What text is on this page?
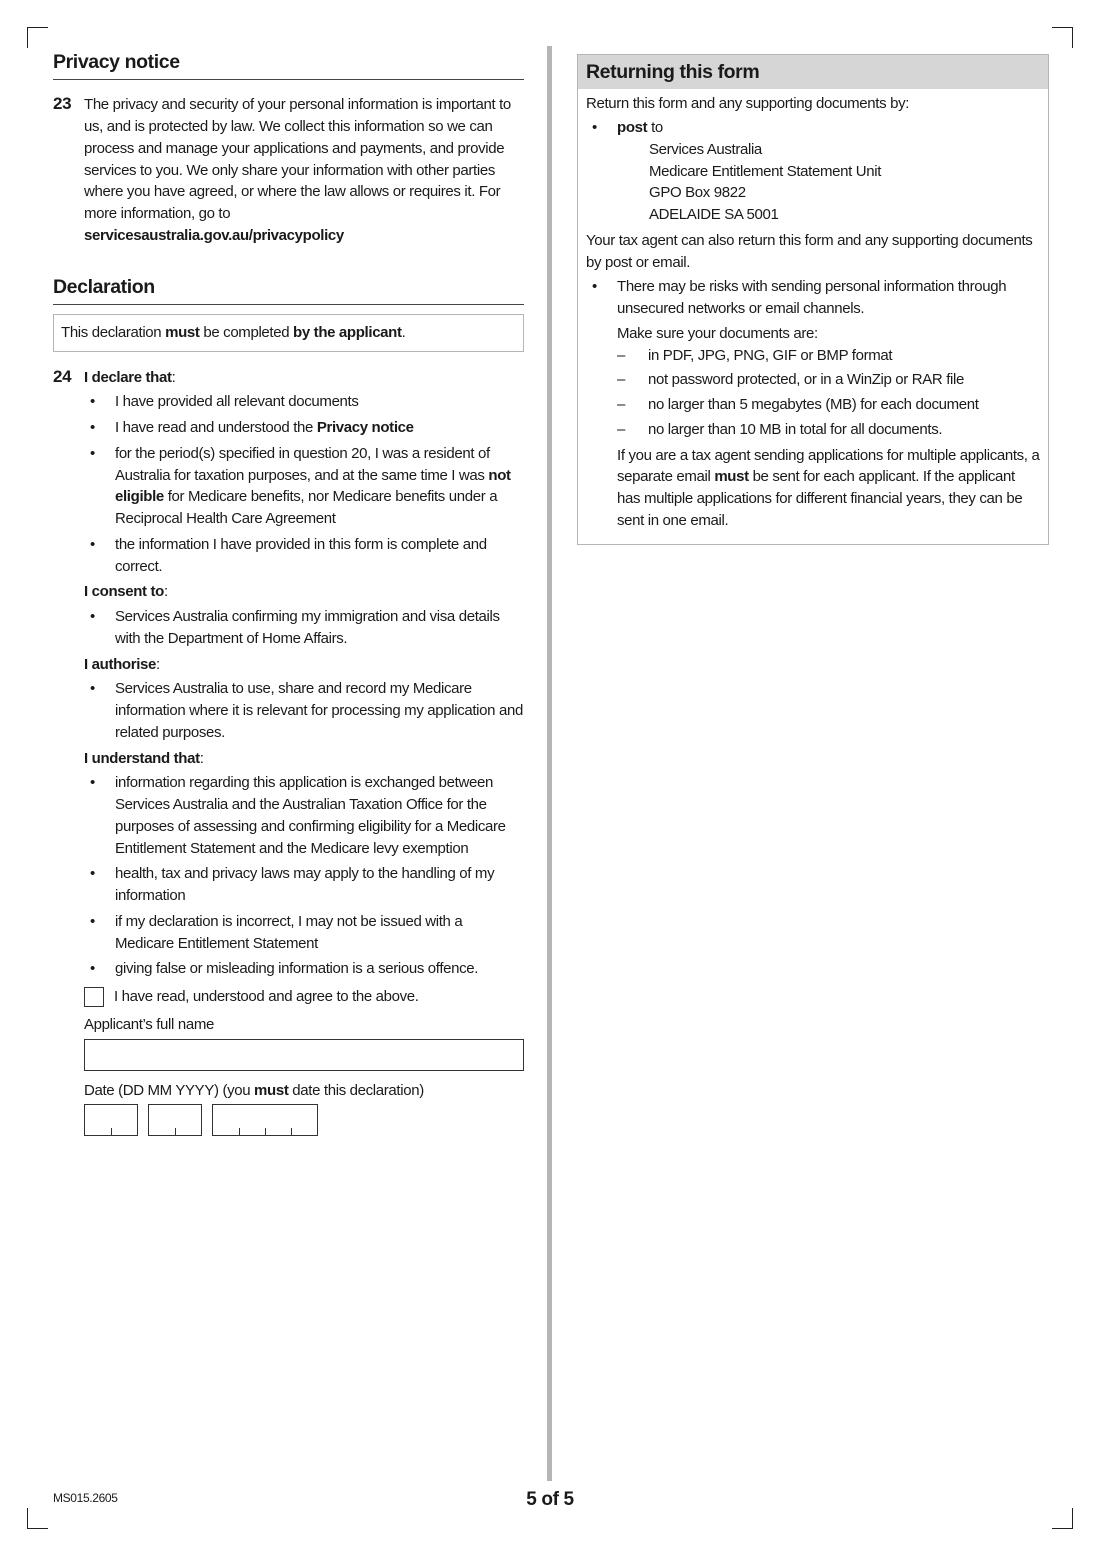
Privacy notice
23 The privacy and security of your personal information is important to us, and is protected by law. We collect this information so we can process and manage your applications and payments, and provide services to you. We only share your information with other parties where you have agreed, or where the law allows or requires it. For more information, go to
servicesaustralia.gov.au/privacypolicy

Declaration
This declaration must be completed by the applicant.
24 I declare that:
• I have provided all relevant documents
• I have read and understood the Privacy notice
• for the period(s) specified in question 20, I was a resident of Australia for taxation purposes, and at the same time I was not eligible for Medicare benefits, nor Medicare benefits under a Reciprocal Health Care Agreement
• the information I have provided in this form is complete and correct.
I consent to:
• Services Australia confirming my immigration and visa details with the Department of Home Affairs.
I authorise:
• Services Australia to use, share and record my Medicare information where it is relevant for processing my application and related purposes.
I understand that:
• information regarding this application is exchanged between Services Australia and the Australian Taxation Office for the purposes of assessing and confirming eligibility for a Medicare Entitlement Statement and the Medicare levy exemption
• health, tax and privacy laws may apply to the handling of my information
• if my declaration is incorrect, I may not be issued with a Medicare Entitlement Statement
• giving false or misleading information is a serious offence.
I have read, understood and agree to the above.
Applicant’s full name
Date (DD MM YYYY) (you must date this declaration)
Returning this form

Return this form and any supporting documents by:

• post to
Services Australia
Medicare Entitlement Statement Unit
GPO Box 9822
ADELAIDE SA 5001

Your tax agent can also return this form and any supporting documents by post or email.

• There may be risks with sending personal information through unsecured networks or email channels.
Make sure your documents are:
– in PDF, JPG, PNG, GIF or BMP format
– not password protected, or in a WinZip or RAR file
– no larger than 5 megabytes (MB) for each document
– no larger than 10 MB in total for all documents.
If you are a tax agent sending applications for multiple applicants, a separate email must be sent for each applicant. If the applicant has multiple applications for different financial years, they can be sent in one email.
MS015.2605	5 of 5
